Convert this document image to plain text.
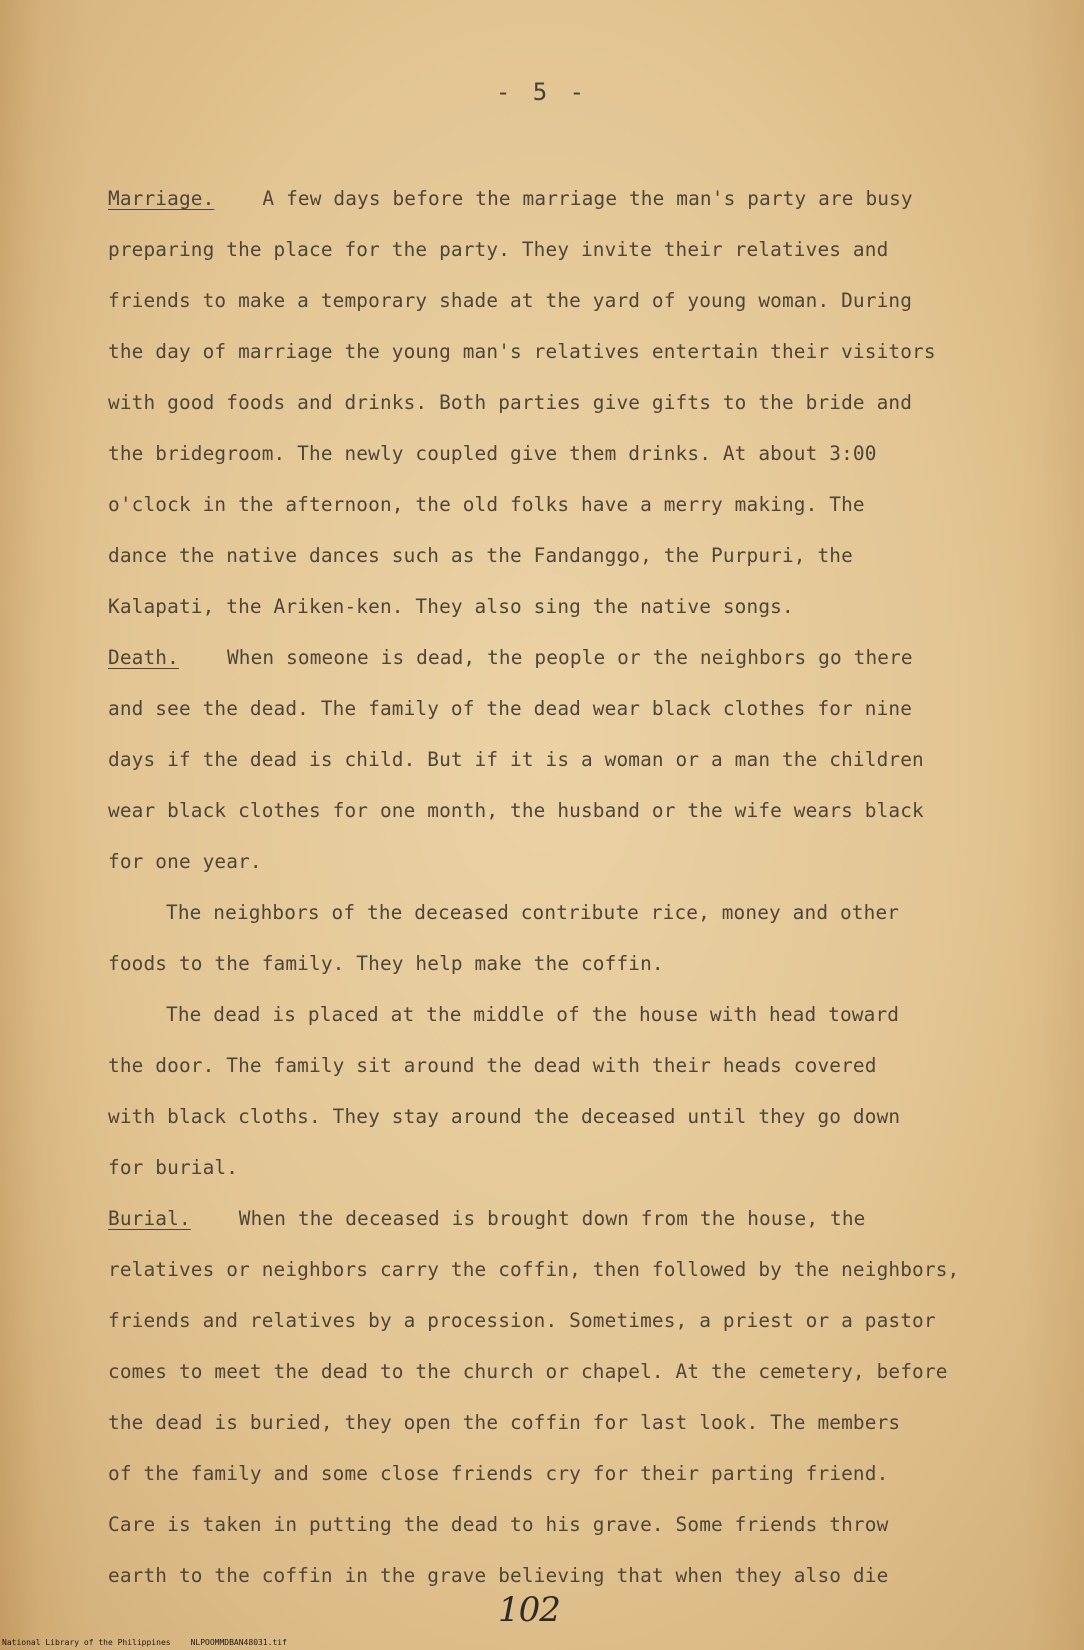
- 5 -
Marriage. A few days before the marriage the man's party are busy
preparing the place for the party. They invite their relatives and
friends to make a temporary shade at the yard of young woman. During
the day of marriage the young man's relatives entertain their visitors
with good foods and drinks. Both parties give gifts to the bride and
the bridegroom. The newly coupled give them drinks. At about 3:00
o'clock in the afternoon, the old folks have a merry making. The
dance the native dances such as the Fandanggo, the Purpuri, the
Kalapati, the Ariken-ken. They also sing the native songs.
Death. When someone is dead, the people or the neighbors go there
and see the dead. The family of the dead wear black clothes for nine
days if the dead is child. But if it is a woman or a man the children
wear black clothes for one month, the husband or the wife wears black
for one year.
The neighbors of the deceased contribute rice, money and other
foods to the family. They help make the coffin.
The dead is placed at the middle of the house with head toward
the door. The family sit around the dead with their heads covered
with black cloths. They stay around the deceased until they go down
for burial.
Burial. When the deceased is brought down from the house, the
relatives or neighbors carry the coffin, then followed by the neighbors,
friends and relatives by a procession. Sometimes, a priest or a pastor
comes to meet the dead to the church or chapel. At the cemetery, before
the dead is buried, they open the coffin for last look. The members
of the family and some close friends cry for their parting friend.
Care is taken in putting the dead to his grave. Some friends throw
earth to the coffin in the grave believing that when they also die
102
National Library of the Philippines	NLPOOMMDBAN48031.tif
